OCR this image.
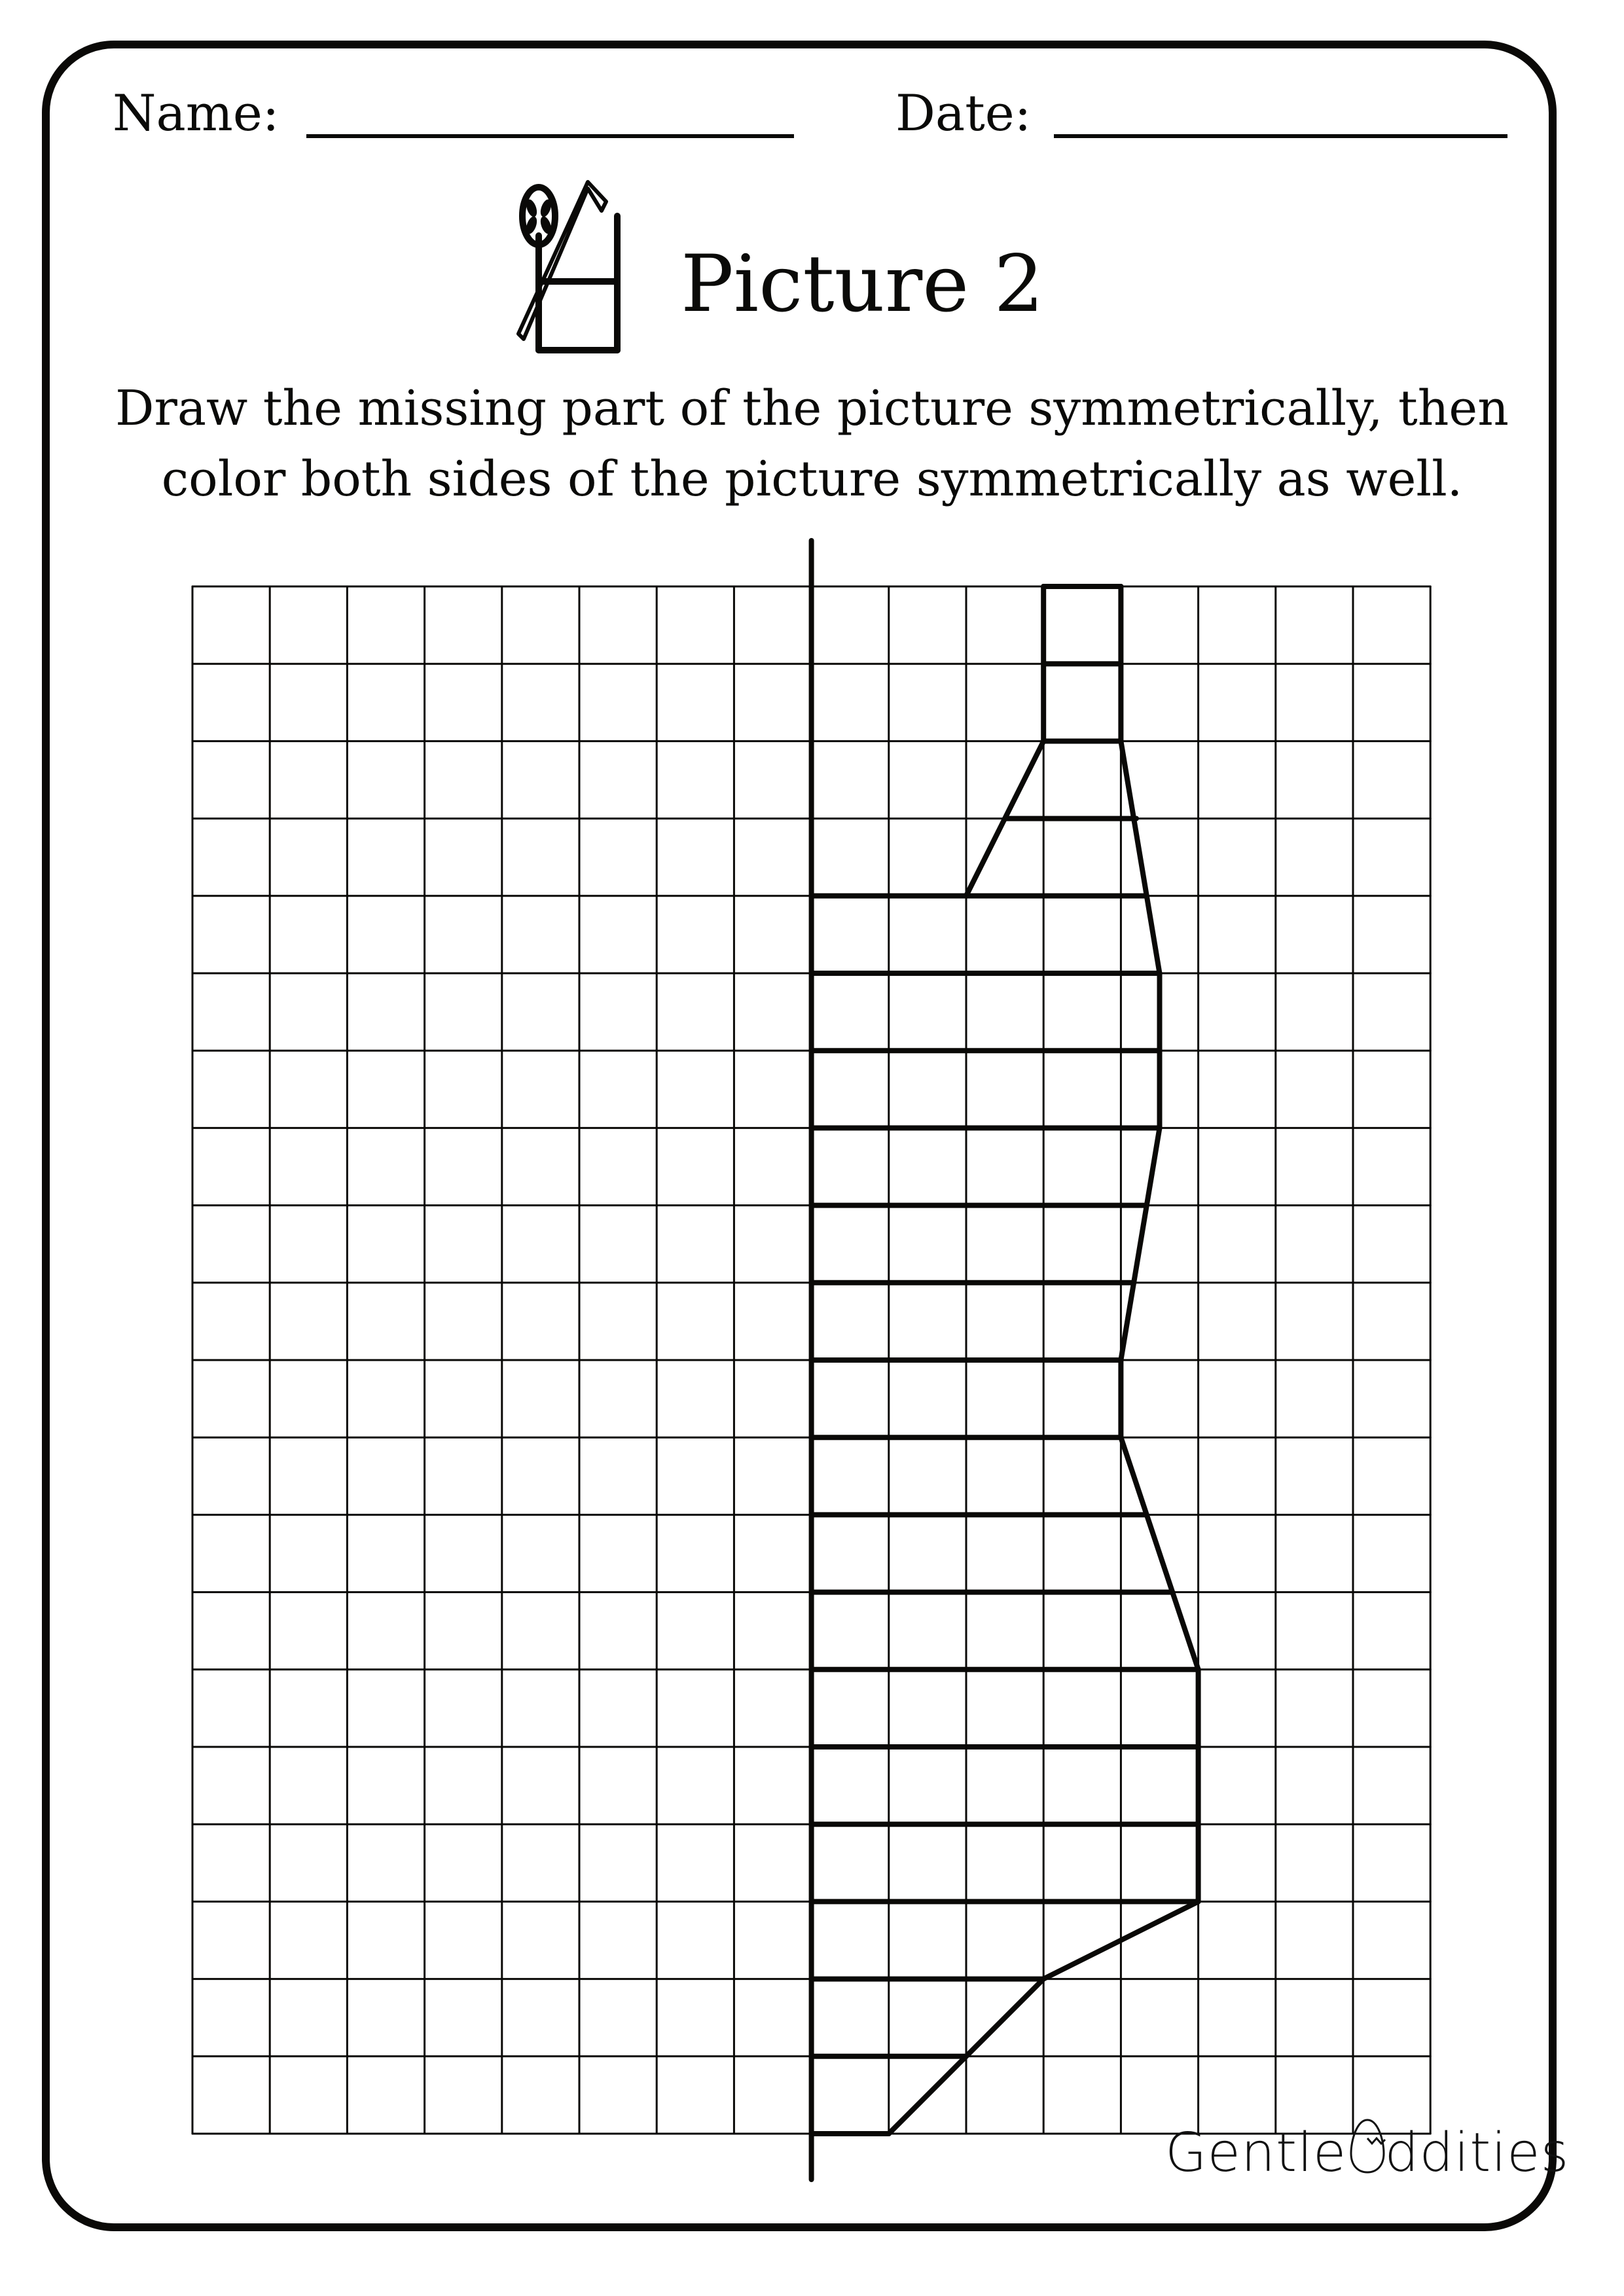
Name:	Date:
Picture 2
Draw the missing part of the picture symmetrically, then
color both sides of the picture symmetrically as well.
Gentle ddities
